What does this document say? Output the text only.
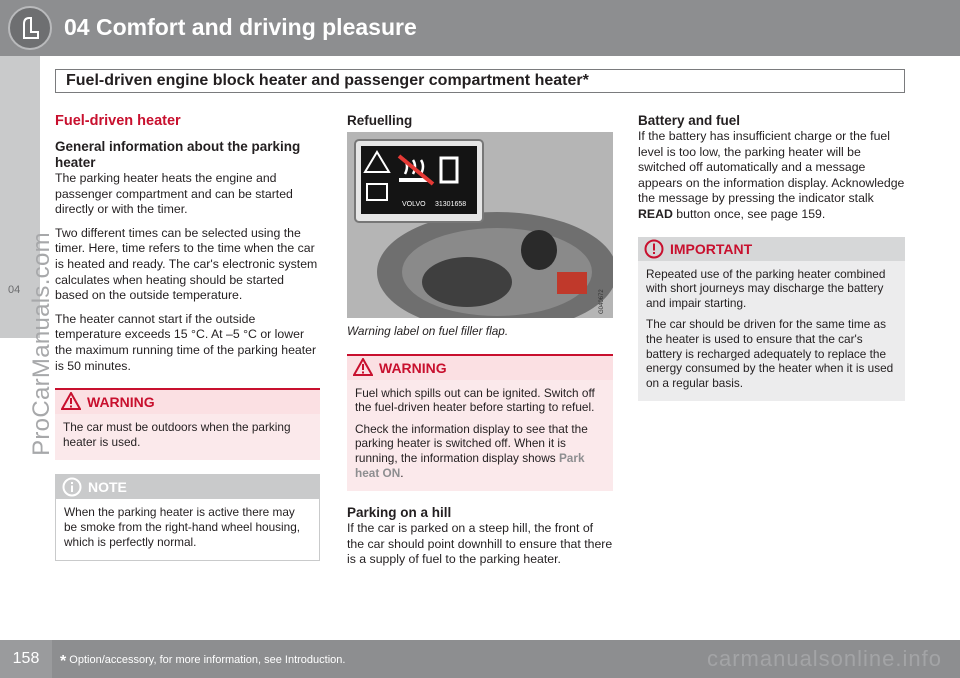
04 Comfort and driving pleasure
Fuel-driven engine block heater and passenger compartment heater*
04 ProCarManuals.com
Fuel-driven heater
General information about the parking heater

The parking heater heats the engine and passenger compartment and can be started directly or with the timer.

Two different times can be selected using the timer. Here, time refers to the time when the car is heated and ready. The car's electronic system calculates when heating should be started based on the outside temperature.

The heater cannot start if the outside temperature exceeds 15 °C. At –5 °C or lower the maximum running time of the parking heater is 50 minutes.

WARNING

The car must be outdoors when the parking heater is used.

NOTE

When the parking heater is active there may be smoke from the right-hand wheel housing, which is perfectly normal.

Refuelling
VOLVO 31301658
G040672

Warning label on fuel filler flap.

WARNING

Fuel which spills out can be ignited. Switch off the fuel-driven heater before starting to refuel.

Check the information display to see that the parking heater is switched off. When it is running, the information display shows Park heat ON.

Parking on a hill

If the car is parked on a steep hill, the front of the car should point downhill to ensure that there is a supply of fuel to the parking heater.

Battery and fuel

If the battery has insufficient charge or the fuel level is too low, the parking heater will be switched off automatically and a message appears on the information display. Acknowledge the message by pressing the indicator stalk READ button once, see page 159.

IMPORTANT

Repeated use of the parking heater combined with short journeys may discharge the battery and impair starting.

The car should be driven for the same time as the heater is used to ensure that the car's battery is recharged adequately to replace the energy consumed by the heater when it is used on a regular basis.

158	* Option/accessory, for more information, see Introduction.	carmanualsonline.info
